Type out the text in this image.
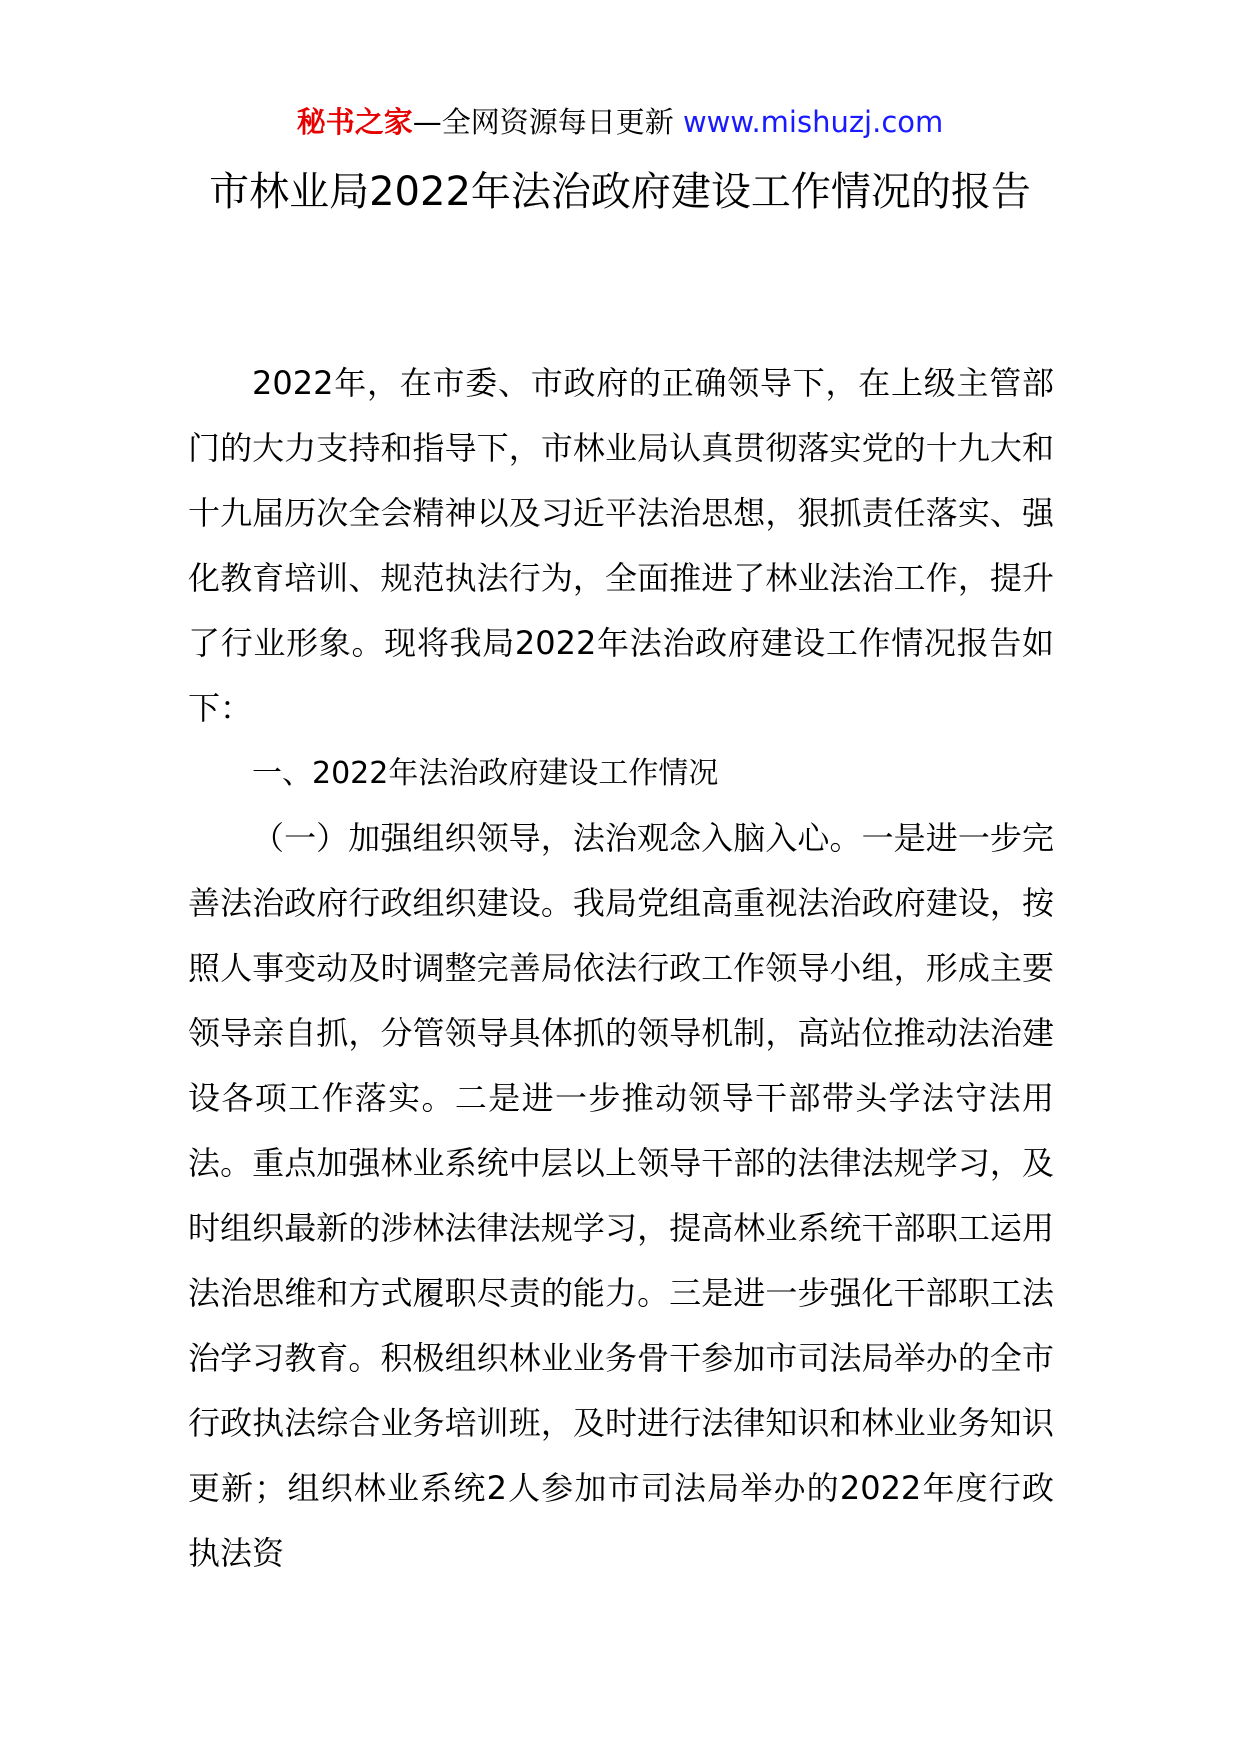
秘书之家—全网资源每日更新 www.mishuzj.com
市林业局2022年法治政府建设工作情况的报告

2022年，在市委、市政府的正确领导下，在上级主管部门的大力支持和指导下，市林业局认真贯彻落实党的十九大和十九届历次全会精神以及习近平法治思想，狠抓责任落实、强化教育培训、规范执法行为，全面推进了林业法治工作，提升了行业形象。现将我局2022年法治政府建设工作情况报告如下：

一、2022年法治政府建设工作情况

（一）加强组织领导，法治观念入脑入心。一是进一步完善法治政府行政组织建设。我局党组高重视法治政府建设，按照人事变动及时调整完善局依法行政工作领导小组，形成主要领导亲自抓，分管领导具体抓的领导机制，高站位推动法治建设各项工作落实。二是进一步推动领导干部带头学法守法用法。重点加强林业系统中层以上领导干部的法律法规学习，及时组织最新的涉林法律法规学习，提高林业系统干部职工运用法治思维和方式履职尽责的能力。三是进一步强化干部职工法治学习教育。积极组织林业业务骨干参加市司法局举办的全市行政执法综合业务培训班，及时进行法律知识和林业业务知识更新；组织林业系统2人参加市司法局举办的2022年度行政执法资
